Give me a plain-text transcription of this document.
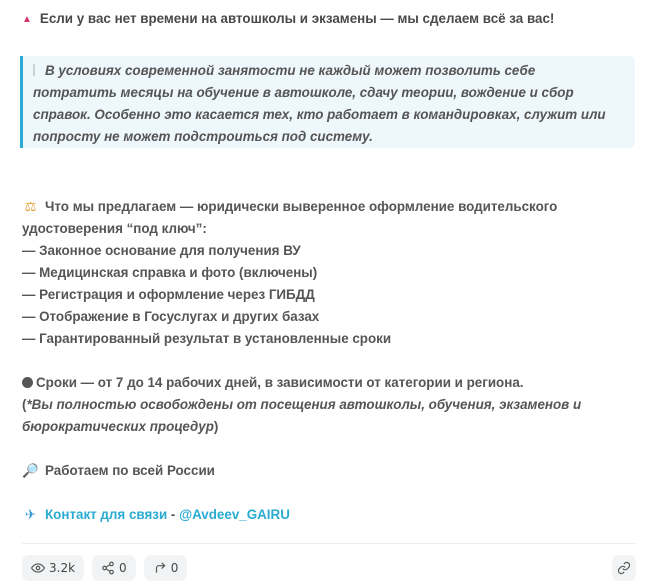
▲ Если у вас нет времени на автошколы и экзамены — мы сделаем всё за вас!
В условиях современной занятости не каждый может позволить себе потратить месяцы на обучение в автошколе, сдачу теории, вождение и сбор справок. Особенно это касается тех, кто работает в командировках, служит или попросту не может подстроиться под систему.
⚖ Что мы предлагаем — юридически выверенное оформление водительского
удостоверения “под ключ”:
— Законное основание для получения ВУ
— Медицинская справка и фото (включены)
— Регистрация и оформление через ГИБДД
— Отображение в Госуслугах и других базах
— Гарантированный результат в установленные сроки
Сроки — от 7 до 14 рабочих дней, в зависимости от категории и региона.
(*Вы полностью освобождены от посещения автошколы, обучения, экзаменов и
бюрократических процедур)
🔎 Работаем по всей России
✈ Контакт для связи - @Avdeev_GAIRU
3.2k	0	0
